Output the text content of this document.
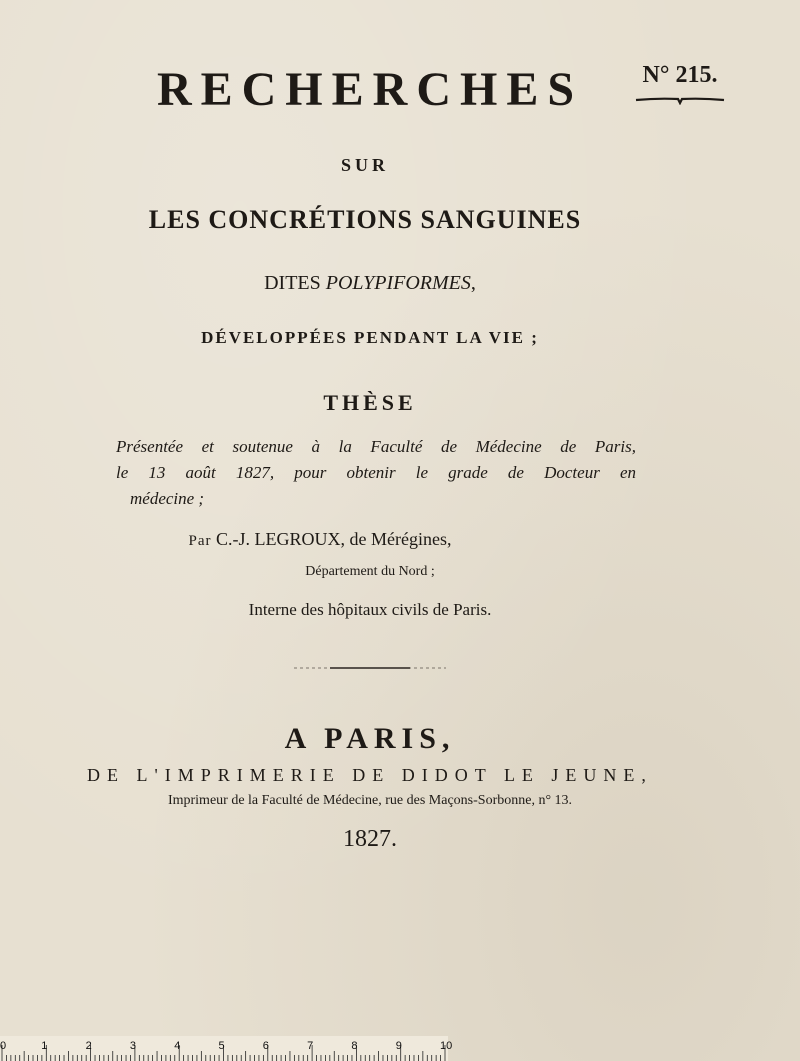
RECHERCHES	N° 215.
SUR
LES CONCRÉTIONS SANGUINES
DITES POLYPIFORMES,
DÉVELOPPÉES PENDANT LA VIE ;
THÈSE
Présentée et soutenue à la Faculté de Médecine de Paris,
le 13 août 1827, pour obtenir le grade de Docteur en
médecine ;
Par C.-J. LEGROUX, de Mérégines,
Département du Nord ;
Interne des hôpitaux civils de Paris.
A PARIS,
DE L'IMPRIMERIE DE DIDOT LE JEUNE,
Imprimeur de la Faculté de Médecine, rue des Maçons-Sorbonne, n° 13.
1827.
0	1	2	3	4	5	6	7	8	9	10
